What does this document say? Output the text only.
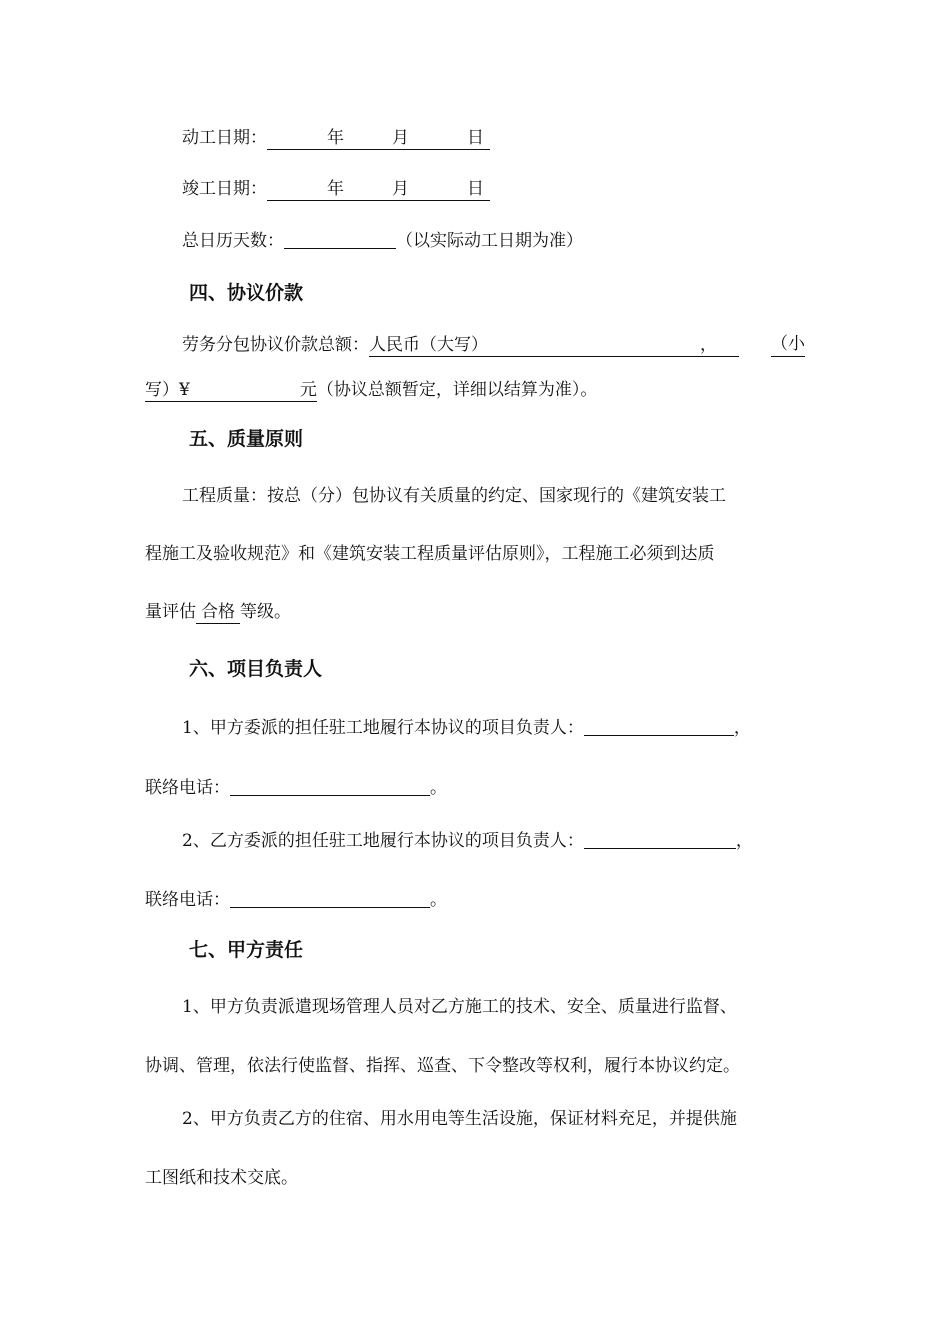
动工日期：	年	月	日
竣工日期：	年	月	日
总日历天数：	（以实际动工日期为准）
四、协议价款
劳务分包协议价款总额：人民币（大写）	，	（小
写）¥	元（协议总额暂定，详细以结算为准）。
五、质量原则
工程质量：按总（分）包协议有关质量的约定、国家现行的《建筑安装工
程施工及验收规范》和《建筑安装工程质量评估原则》，工程施工必须到达质
量评估 合格 等级。
六、项目负责人
1、甲方委派的担任驻工地履行本协议的项目负责人：	，
联络电话：	。
2、乙方委派的担任驻工地履行本协议的项目负责人：	，
联络电话：	。
七、甲方责任
1、甲方负责派遣现场管理人员对乙方施工的技术、安全、质量进行监督、
协调、管理，依法行使监督、指挥、巡查、下令整改等权利，履行本协议约定。
2、甲方负责乙方的住宿、用水用电等生活设施，保证材料充足，并提供施
工图纸和技术交底。
